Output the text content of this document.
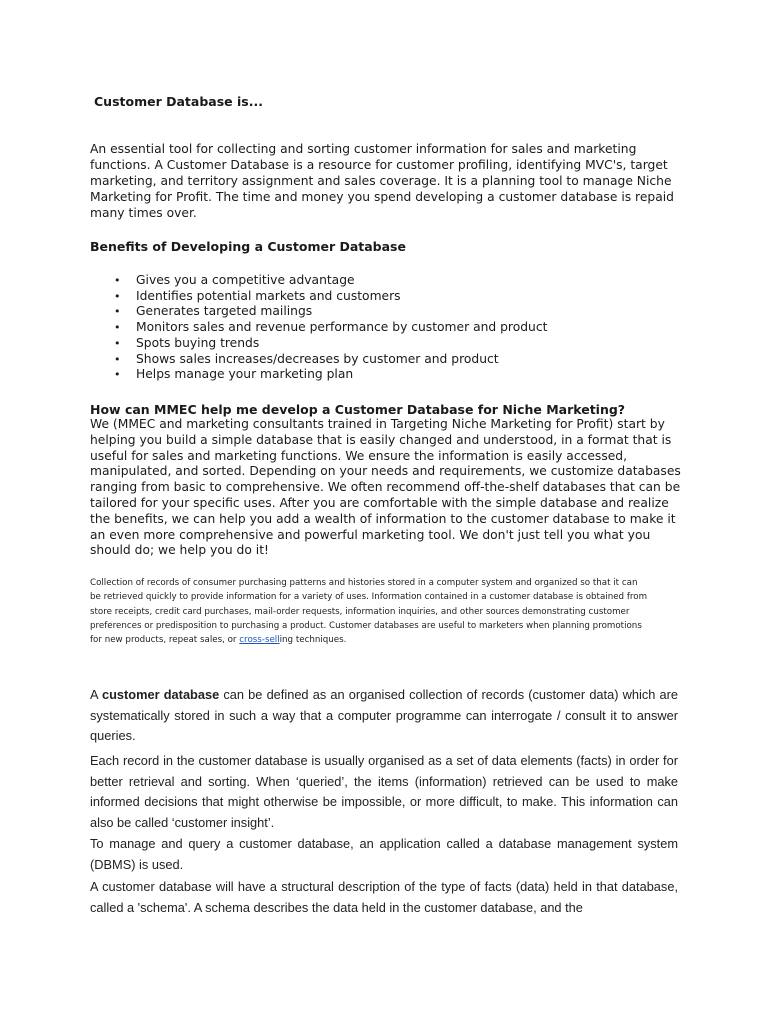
Customer Database is...

An essential tool for collecting and sorting customer information for sales and marketing functions. A Customer Database is a resource for customer profiling, identifying MVC's, target marketing, and territory assignment and sales coverage. It is a planning tool to manage Niche Marketing for Profit. The time and money you spend developing a customer database is repaid many times over.

Benefits of Developing a Customer Database
• Gives you a competitive advantage
• Identifies potential markets and customers
• Generates targeted mailings
• Monitors sales and revenue performance by customer and product
• Spots buying trends
• Shows sales increases/decreases by customer and product
• Helps manage your marketing plan
How can MMEC help me develop a Customer Database for Niche Marketing?

We (MMEC and marketing consultants trained in Targeting Niche Marketing for Profit) start by helping you build a simple database that is easily changed and understood, in a format that is useful for sales and marketing functions. We ensure the information is easily accessed, manipulated, and sorted. Depending on your needs and requirements, we customize databases ranging from basic to comprehensive. We often recommend off-the-shelf databases that can be tailored for your specific uses. After you are comfortable with the simple database and realize the benefits, we can help you add a wealth of information to the customer database to make it an even more comprehensive and powerful marketing tool. We don't just tell you what you should do; we help you do it!

Collection of records of consumer purchasing patterns and histories stored in a computer system and organized so that it can be retrieved quickly to provide information for a variety of uses. Information contained in a customer database is obtained from store receipts, credit card purchases, mail-order requests, information inquiries, and other sources demonstrating customer preferences or predisposition to purchasing a product. Customer databases are useful to marketers when planning promotions for new products, repeat sales, or cross-selling techniques.

A customer database can be defined as an organised collection of records (customer data) which are systematically stored in such a way that a computer programme can interrogate / consult it to answer queries.

Each record in the customer database is usually organised as a set of data elements (facts) in order for better retrieval and sorting. When ‘queried’, the items (information) retrieved can be used to make informed decisions that might otherwise be impossible, or more difficult, to make. This information can also be called ‘customer insight’.

To manage and query a customer database, an application called a database management system (DBMS) is used.

A customer database will have a structural description of the type of facts (data) held in that database, called a 'schema'. A schema describes the data held in the customer database, and the
